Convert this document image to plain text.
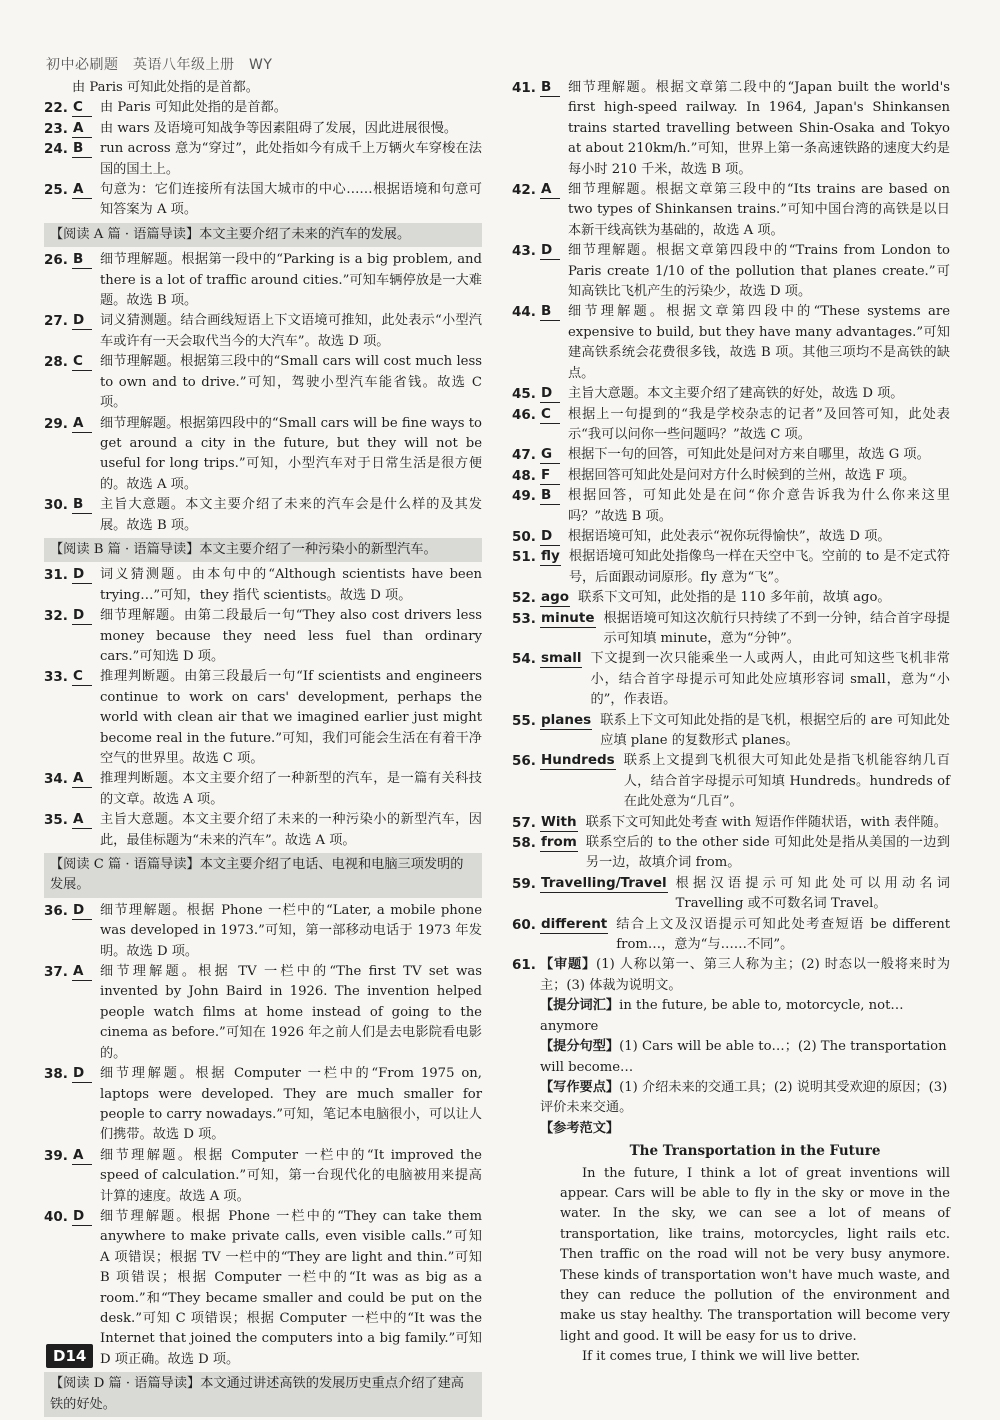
初中必刷题　英语八年级上册　WY
由 Paris 可知此处指的是首都。
22. C	由 Paris 可知此处指的是首都。
23. A	由 wars 及语境可知战争等因素阻碍了发展，因此进展很慢。
24. B	run across 意为“穿过”，此处指如今有成千上万辆火车穿梭在法国的国土上。
25. A	句意为：它们连接所有法国大城市的中心……根据语境和句意可知答案为 A 项。
【阅读 A 篇 · 语篇导读】本文主要介绍了未来的汽车的发展。
26. B	细节理解题。根据第一段中的“Parking is a big problem, and there is a lot of traffic around cities.”可知车辆停放是一大难题。故选 B 项。
27. D	词义猜测题。结合画线短语上下文语境可推知，此处表示“小型汽车或许有一天会取代当今的大汽车”。故选 D 项。
28. C	细节理解题。根据第三段中的“Small cars will cost much less to own and to drive.”可知，驾驶小型汽车能省钱。故选 C 项。
29. A	细节理解题。根据第四段中的“Small cars will be fine ways to get around a city in the future, but they will not be useful for long trips.”可知，小型汽车对于日常生活是很方便的。故选 A 项。
30. B	主旨大意题。本文主要介绍了未来的汽车会是什么样的及其发展。故选 B 项。
【阅读 B 篇 · 语篇导读】本文主要介绍了一种污染小的新型汽车。
31. D	词义猜测题。由本句中的“Although scientists have been trying…”可知，they 指代 scientists。故选 D 项。
32. D	细节理解题。由第二段最后一句“They also cost drivers less money because they need less fuel than ordinary cars.”可知选 D 项。
33. C	推理判断题。由第三段最后一句“If scientists and engineers continue to work on cars' development, perhaps the world with clean air that we imagined earlier just might become real in the future.”可知，我们可能会生活在有着干净空气的世界里。故选 C 项。
34. A	推理判断题。本文主要介绍了一种新型的汽车，是一篇有关科技的文章。故选 A 项。
35. A	主旨大意题。本文主要介绍了未来的一种污染小的新型汽车，因此，最佳标题为“未来的汽车”。故选 A 项。
【阅读 C 篇 · 语篇导读】本文主要介绍了电话、电视和电脑三项发明的发展。
36. D	细节理解题。根据 Phone 一栏中的“Later, a mobile phone was developed in 1973.”可知，第一部移动电话于 1973 年发明。故选 D 项。
37. A	细节理解题。根据 TV 一栏中的“The first TV set was invented by John Baird in 1926. The invention helped people watch films at home instead of going to the cinema as before.”可知在 1926 年之前人们是去电影院看电影的。
38. D	细节理解题。根据 Computer 一栏中的“From 1975 on, laptops were developed. They are much smaller for people to carry nowadays.”可知，笔记本电脑很小，可以让人们携带。故选 D 项。
39. A	细节理解题。根据 Computer 一栏中的“It improved the speed of calculation.”可知，第一台现代化的电脑被用来提高计算的速度。故选 A 项。
40. D	细节理解题。根据 Phone 一栏中的“They can take them anywhere to make private calls, even visible calls.”可知 A 项错误；根据 TV 一栏中的“They are light and thin.”可知 B 项错误；根据 Computer 一栏中的“It was as big as a room.”和“They became smaller and could be put on the desk.”可知 C 项错误；根据 Computer 一栏中的“It was the Internet that joined the computers into a big family.”可知 D 项正确。故选 D 项。
【阅读 D 篇 · 语篇导读】本文通过讲述高铁的发展历史重点介绍了建高铁的好处。
41. B	细节理解题。根据文章第二段中的“Japan built the world's first high-speed railway. In 1964, Japan's Shinkansen trains started travelling between Shin-Osaka and Tokyo at about 210km/h.”可知，世界上第一条高速铁路的速度大约是每小时 210 千米，故选 B 项。
42. A	细节理解题。根据文章第三段中的“Its trains are based on two types of Shinkansen trains.”可知中国台湾的高铁是以日本新干线高铁为基础的，故选 A 项。
43. D	细节理解题。根据文章第四段中的“Trains from London to Paris create 1/10 of the pollution that planes create.”可知高铁比飞机产生的污染少，故选 D 项。
44. B	细节理解题。根据文章第四段中的“These systems are expensive to build, but they have many advantages.”可知建高铁系统会花费很多钱，故选 B 项。其他三项均不是高铁的缺点。
45. D	主旨大意题。本文主要介绍了建高铁的好处，故选 D 项。
46. C	根据上一句提到的“我是学校杂志的记者”及回答可知，此处表示“我可以问你一些问题吗？”故选 C 项。
47. G	根据下一句的回答，可知此处是问对方来自哪里，故选 G 项。
48. F	根据回答可知此处是问对方什么时候到的兰州，故选 F 项。
49. B	根据回答，可知此处是在问“你介意告诉我为什么你来这里吗？”故选 B 项。
50. D	根据语境可知，此处表示“祝你玩得愉快”，故选 D 项。
51. fly 根据语境可知此处指像鸟一样在天空中飞。空前的 to 是不定式符号，后面跟动词原形。fly 意为“飞”。
52. ago 联系下文可知，此处指的是 110 多年前，故填 ago。
53. minute 根据语境可知这次航行只持续了不到一分钟，结合首字母提示可知填 minute，意为“分钟”。
54. small 下文提到一次只能乘坐一人或两人，由此可知这些飞机非常小，结合首字母提示可知此处应填形容词 small，意为“小的”，作表语。
55. planes 联系上下文可知此处指的是飞机，根据空后的 are 可知此处应填 plane 的复数形式 planes。
56. Hundreds 联系上文提到飞机很大可知此处是指飞机能容纳几百人，结合首字母提示可知填 Hundreds。hundreds of 在此处意为“几百”。
57. With 联系下文可知此处考查 with 短语作伴随状语，with 表伴随。
58. from 联系空后的 to the other side 可知此处是指从美国的一边到另一边，故填介词 from。
59. Travelling/Travel 根据汉语提示可知此处可以用动名词 Travelling 或不可数名词 Travel。
60. different 结合上文及汉语提示可知此处考查短语 be different from…，意为“与……不同”。
61. 【审题】(1) 人称以第一、第三人称为主；(2) 时态以一般将来时为主；(3) 体裁为说明文。
【提分词汇】in the future, be able to, motorcycle, not… anymore
【提分句型】(1) Cars will be able to…；(2) The transportation will become…
【写作要点】(1) 介绍未来的交通工具；(2) 说明其受欢迎的原因；(3) 评价未来交通。
【参考范文】
The Transportation in the Future

In the future, I think a lot of great inventions will appear. Cars will be able to fly in the sky or move in the water. In the sky, we can see a lot of means of transportation, like trains, motorcycles, light rails etc. Then traffic on the road will not be very busy anymore. These kinds of transportation won't have much waste, and they can reduce the pollution of the environment and make us stay healthy. The transportation will become very light and good. It will be easy for us to drive.

If it comes true, I think we will live better.

D14
